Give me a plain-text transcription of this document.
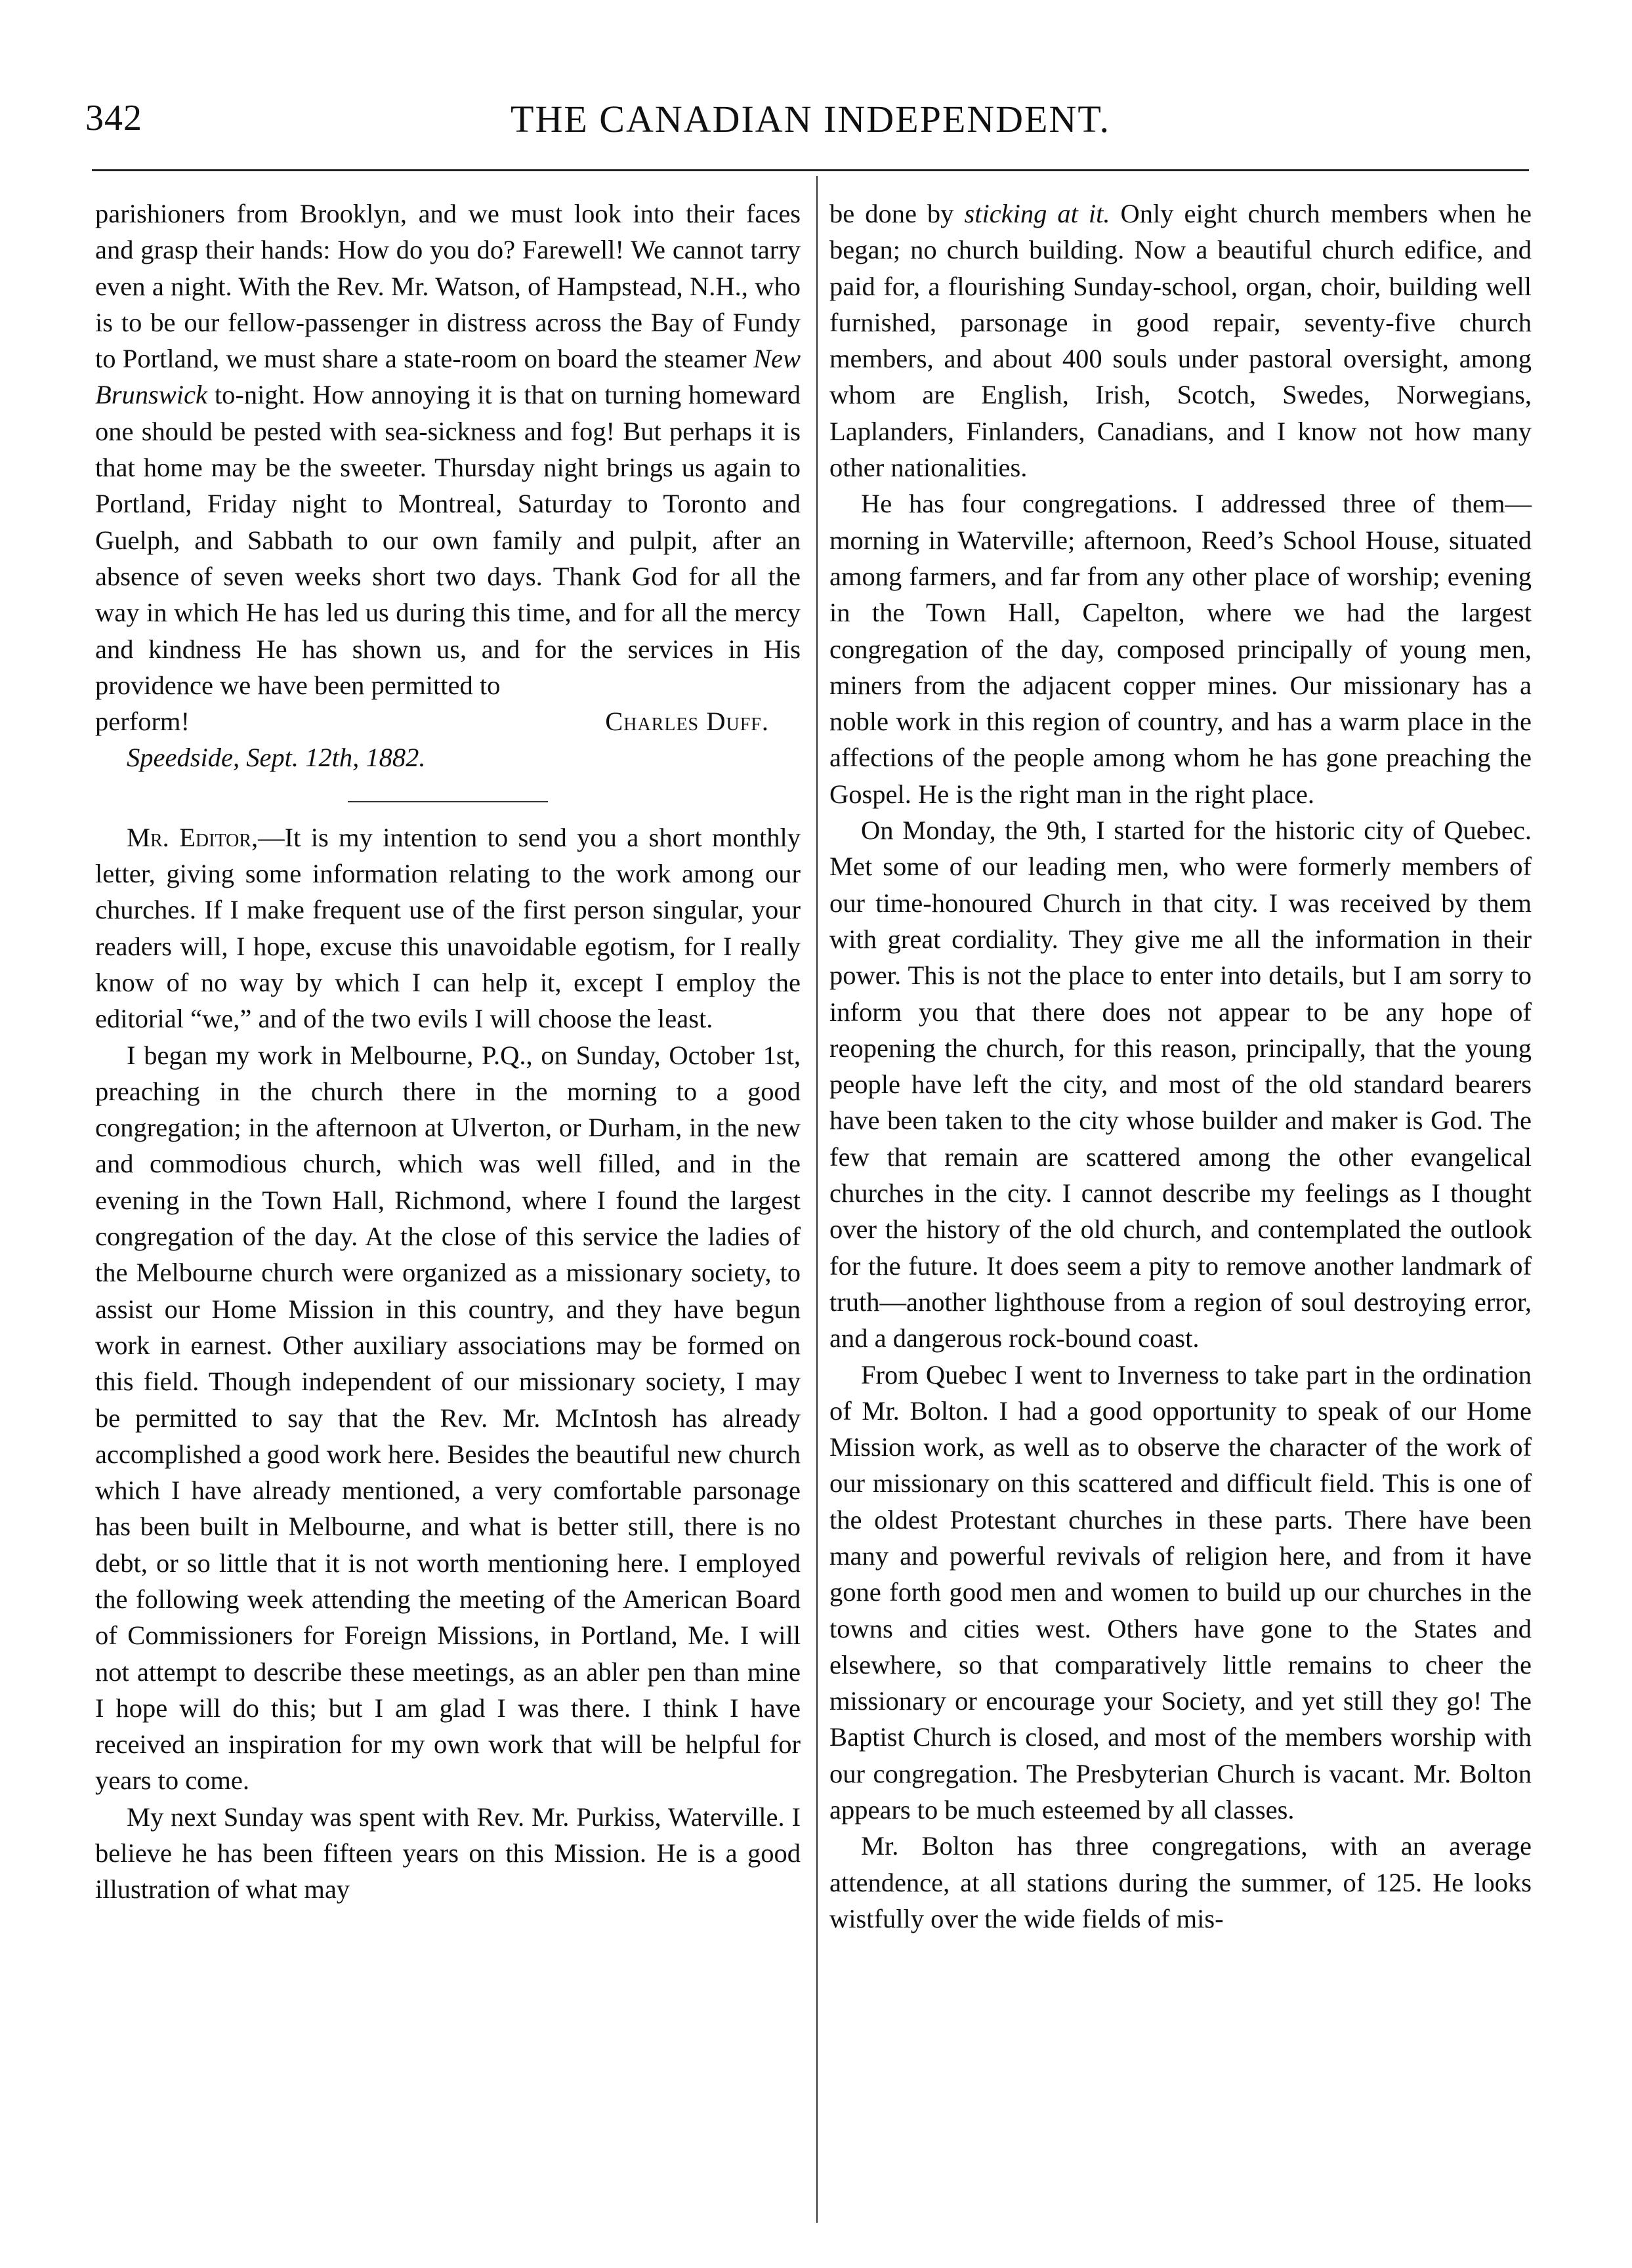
342	THE CANADIAN INDEPENDENT.

parishioners from Brooklyn, and we must look into their faces and grasp their hands: How do you do? Farewell! We cannot tarry even a night. With the Rev. Mr. Watson, of Hampstead, N.H., who is to be our fellow-passenger in distress across the Bay of Fundy to Portland, we must share a state-room on board the steamer New Brunswick to-night. How annoying it is that on turning homeward one should be pested with sea-sickness and fog! But perhaps it is that home may be the sweeter. Thursday night brings us again to Portland, Friday night to Montreal, Saturday to Toronto and Guelph, and Sabbath to our own family and pulpit, after an absence of seven weeks short two days. Thank God for all the way in which He has led us during this time, and for all the mercy and kindness He has shown us, and for the services in His providence we have been permitted to

perform!	Charles Duff.

Speedside, Sept. 12th, 1882.

Mr. Editor,—It is my intention to send you a short monthly letter, giving some information relating to the work among our churches. If I make frequent use of the first person singular, your readers will, I hope, excuse this unavoidable egotism, for I really know of no way by which I can help it, except I employ the editorial “we,” and of the two evils I will choose the least.

I began my work in Melbourne, P.Q., on Sunday, October 1st, preaching in the church there in the morning to a good congregation; in the afternoon at Ulverton, or Durham, in the new and commodious church, which was well filled, and in the evening in the Town Hall, Richmond, where I found the largest congregation of the day. At the close of this service the ladies of the Melbourne church were organized as a missionary society, to assist our Home Mission in this country, and they have begun work in earnest. Other auxiliary associations may be formed on this field. Though independent of our missionary society, I may be permitted to say that the Rev. Mr. McIntosh has already accomplished a good work here. Besides the beautiful new church which I have already mentioned, a very comfortable parsonage has been built in Melbourne, and what is better still, there is no debt, or so little that it is not worth mentioning here. I employed the following week attending the meeting of the American Board of Commissioners for Foreign Missions, in Portland, Me. I will not attempt to describe these meetings, as an abler pen than mine I hope will do this; but I am glad I was there. I think I have received an inspiration for my own work that will be helpful for years to come.

My next Sunday was spent with Rev. Mr. Purkiss, Waterville. I believe he has been fifteen years on this Mission. He is a good illustration of what may

be done by sticking at it. Only eight church members when he began; no church building. Now a beautiful church edifice, and paid for, a flourishing Sunday-school, organ, choir, building well furnished, parsonage in good repair, seventy-five church members, and about 400 souls under pastoral oversight, among whom are English, Irish, Scotch, Swedes, Norwegians, Laplanders, Finlanders, Canadians, and I know not how many other nationalities.

He has four congregations. I addressed three of them—morning in Waterville; afternoon, Reed’s School House, situated among farmers, and far from any other place of worship; evening in the Town Hall, Capelton, where we had the largest congregation of the day, composed principally of young men, miners from the adjacent copper mines. Our missionary has a noble work in this region of country, and has a warm place in the affections of the people among whom he has gone preaching the Gospel. He is the right man in the right place.

On Monday, the 9th, I started for the historic city of Quebec. Met some of our leading men, who were formerly members of our time-honoured Church in that city. I was received by them with great cordiality. They give me all the information in their power. This is not the place to enter into details, but I am sorry to inform you that there does not appear to be any hope of reopening the church, for this reason, principally, that the young people have left the city, and most of the old standard bearers have been taken to the city whose builder and maker is God. The few that remain are scattered among the other evangelical churches in the city. I cannot describe my feelings as I thought over the history of the old church, and contemplated the outlook for the future. It does seem a pity to remove another landmark of truth—another lighthouse from a region of soul destroying error, and a dangerous rock-bound coast.

From Quebec I went to Inverness to take part in the ordination of Mr. Bolton. I had a good opportunity to speak of our Home Mission work, as well as to observe the character of the work of our missionary on this scattered and difficult field. This is one of the oldest Protestant churches in these parts. There have been many and powerful revivals of religion here, and from it have gone forth good men and women to build up our churches in the towns and cities west. Others have gone to the States and elsewhere, so that comparatively little remains to cheer the missionary or encourage your Society, and yet still they go! The Baptist Church is closed, and most of the members worship with our congregation. The Presbyterian Church is vacant. Mr. Bolton appears to be much esteemed by all classes.

Mr. Bolton has three congregations, with an average attendence, at all stations during the summer, of 125. He looks wistfully over the wide fields of mis-
